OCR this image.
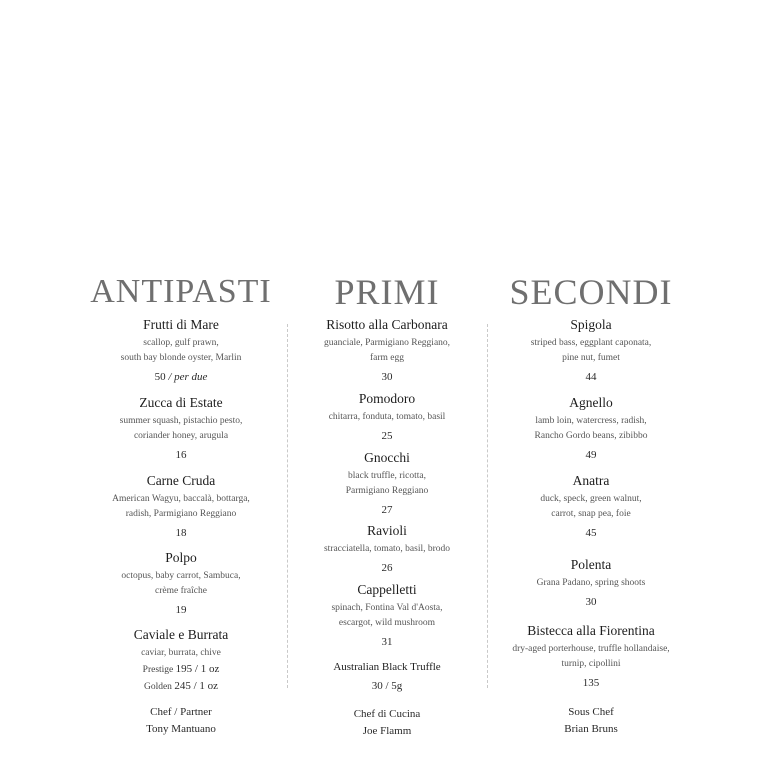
ANTIPASTI
Frutti di Mare
scallop, gulf prawn,
south bay blonde oyster, Marlin
50 / per due
Zucca di Estate
summer squash, pistachio pesto,
coriander honey, arugula
16
Carne Cruda
American Wagyu, baccalà, bottarga,
radish, Parmigiano Reggiano
18
Polpo
octopus, baby carrot, Sambuca,
crème fraîche
19
Caviale e Burrata
caviar, burrata, chive
Prestige 195 / 1 oz
Golden 245 / 1 oz
Chef / Partner
Tony Mantuano
PRIMI
Risotto alla Carbonara
guanciale, Parmigiano Reggiano,
farm egg
30
Pomodoro
chitarra, fonduta, tomato, basil
25
Gnocchi
black truffle, ricotta,
Parmigiano Reggiano
27
Ravioli
stracciatella, tomato, basil, brodo
26
Cappelletti
spinach, Fontina Val d'Aosta,
escargot, wild mushroom
31
Australian Black Truffle
30 / 5g
Chef di Cucina
Joe Flamm
SECONDI
Spigola
striped bass, eggplant caponata,
pine nut, fumet
44
Agnello
lamb loin, watercress, radish,
Rancho Gordo beans, zibibbo
49
Anatra
duck, speck, green walnut,
carrot, snap pea, foie
45
Polenta
Grana Padano, spring shoots
30
Bistecca alla Fiorentina
dry-aged porterhouse, truffle hollandaise,
turnip, cipollini
135
Sous Chef
Brian Bruns
